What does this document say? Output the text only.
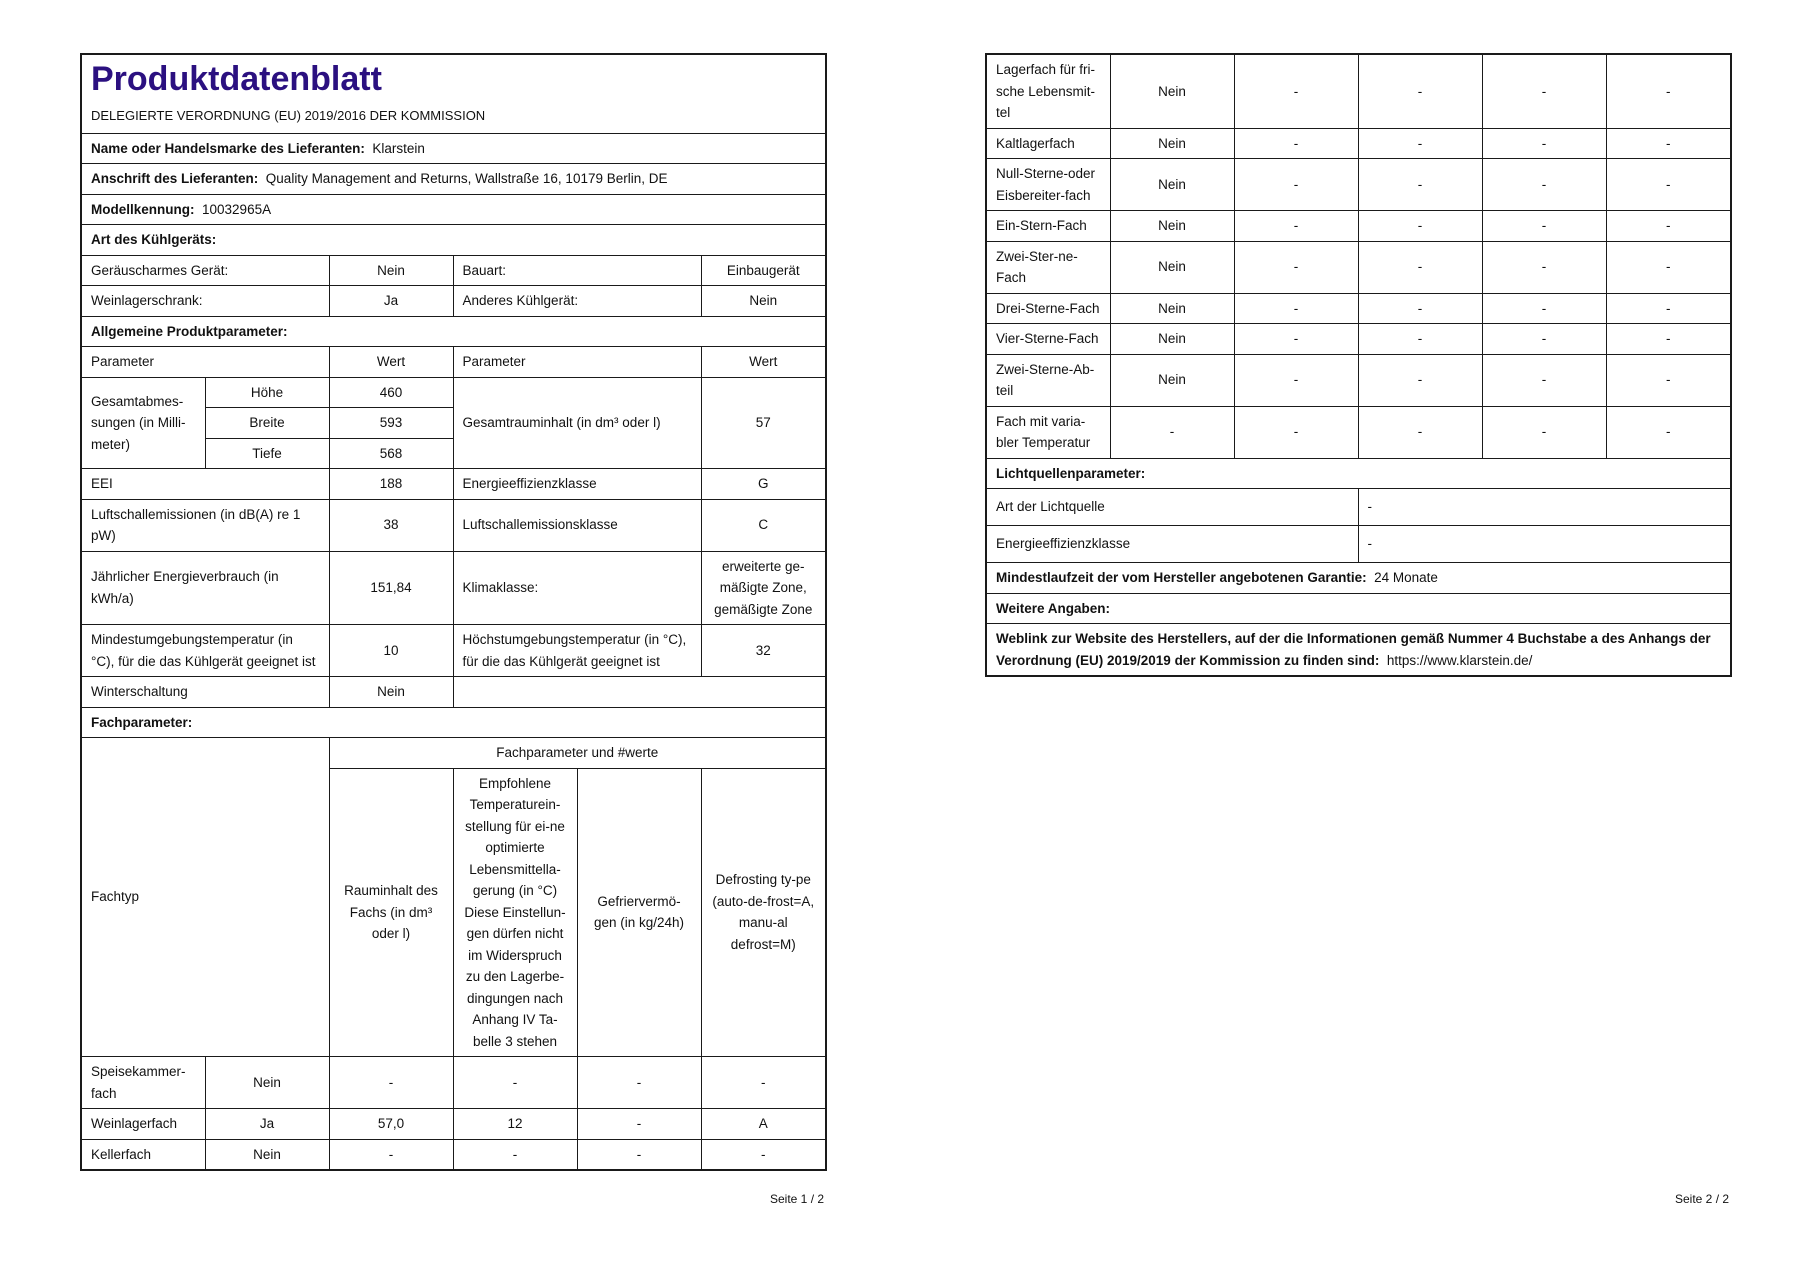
Produktdatenblatt
DELEGIERTE VERORDNUNG (EU) 2019/2016 DER KOMMISSION					

Name oder Handelsmarke des Lieferanten: Klarstein					
Anschrift des Lieferanten: Quality Management and Returns, Wallstraße 16, 10179 Berlin, DE					
Modellkennung: 10032965A					
Art des Kühlgeräts:					
Geräuscharmes Gerät:		Nein	Bauart:		Einbaugerät
Weinlagerschrank:		Ja	Anderes Kühlgerät:		Nein
Allgemeine Produktparameter:					
Parameter		Wert	Parameter		Wert
Gesamtabmes-sungen (in Milli-meter)	Höhe	460	Gesamtrauminhalt (in dm³ oder l)		57
	Breite	593			
	Tiefe	568			
EEI		188	Energieeffizienzklasse		G
Luftschallemissionen (in dB(A) re 1 pW)		38	Luftschallemissionsklasse		C
Jährlicher Energieverbrauch (in kWh/a)		151,84	Klimaklasse:		erweiterte ge-mäßigte Zone, gemäßigte Zone
Mindestumgebungstemperatur (in °C), für die das Kühlgerät geeignet ist		10	Höchstumgebungstemperatur (in °C), für die das Kühlgerät geeignet ist		32
Winterschaltung		Nein			
Fachparameter:					
Fachtyp		Fachparameter und #werte			
		Rauminhalt des Fachs (in dm³ oder l)	Empfohlene Temperaturein-stellung für ei-ne optimierte Lebensmittella-gerung (in °C) Diese Einstellun-gen dürfen nicht im Widerspruch zu den Lagerbe-dingungen nach Anhang IV Ta-belle 3 stehen	Gefriervermö-gen (in kg/24h)	Defrosting ty-pe (auto-de-frost=A, manu-al defrost=M)
Speisekammer-fach	Nein	-	-	-	-
Weinlagerfach	Ja	57,0	12	-	A
Kellerfach	Nein	-	-	-	-
Seite 1 / 2
Lagerfach für fri-sche Lebensmit-tel	Nein	-	-	-	-
Kaltlagerfach	Nein	-	-	-	-
Null-Sterne-oder Eisbereiter-fach	Nein	-	-	-	-
Ein-Stern-Fach	Nein	-	-	-	-
Zwei-Ster-ne-Fach	Nein	-	-	-	-
Drei-Sterne-Fach	Nein	-	-	-	-
Vier-Sterne-Fach	Nein	-	-	-	-
Zwei-Sterne-Ab-teil	Nein	-	-	-	-
Fach mit varia-bler Temperatur	-	-	-	-	-
Lichtquellenparameter:					
Art der Lichtquelle			-		
Energieeffizienzklasse			-		
Mindestlaufzeit der vom Hersteller angebotenen Garantie: 24 Monate					
Weitere Angaben:					
Weblink zur Website des Herstellers, auf der die Informationen gemäß Nummer 4 Buchstabe a des Anhangs der Verordnung (EU) 2019/2019 der Kommission zu finden sind: https://www.klarstein.de/					
Seite 2 / 2
